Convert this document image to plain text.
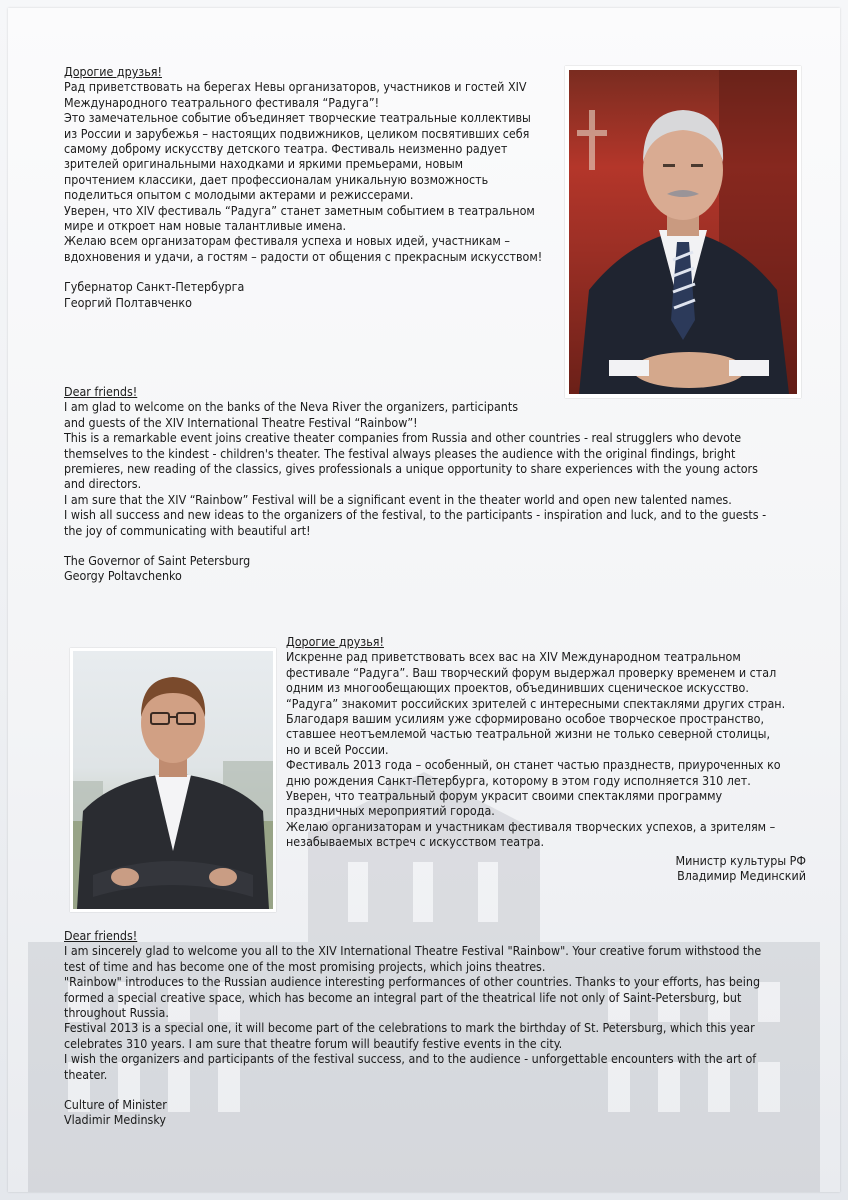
Дорогие друзья!

Рад приветствовать на берегах Невы организаторов, участников и гостей XIV

Международного театрального фестиваля “Радуга”!

Это замечательное событие объединяет творческие театральные коллективы

из России и зарубежья – настоящих подвижников, целиком посвятивших себя

самому доброму искусству детского театра. Фестиваль неизменно радует

зрителей оригинальными находками и яркими премьерами, новым

прочтением классики, дает профессионалам уникальную возможность

поделиться опытом с молодыми актерами и режиссерами.

Уверен, что XIV фестиваль “Радуга” станет заметным событием в театральном

мире и откроет нам новые талантливые имена.

Желаю всем организаторам фестиваля успеха и новых идей, участникам –

вдохновения и удачи, а гостям – радости от общения с прекрасным искусством!

Губернатор Санкт-Петербурга

Георгий Полтавченко

Dear friends!

I am glad to welcome on the banks of the Neva River the organizers, participants

and guests of the XIV International Theatre Festival “Rainbow”!

This is a remarkable event joins creative theater companies from Russia and other countries - real strugglers who devote

themselves to the kindest - children's theater. The festival always pleases the audience with the original findings, bright

premieres, new reading of the classics, gives professionals a unique opportunity to share experiences with the young actors

and directors.

I am sure that the XIV “Rainbow” Festival will be a significant event in the theater world and open new talented names.

I wish all success and new ideas to the organizers of the festival, to the participants - inspiration and luck, and to the guests -

the joy of communicating with beautiful art!

The Governor of Saint Petersburg

Georgy Poltavchenko

Дорогие друзья!

Искренне рад приветствовать всех вас на XIV Международном театральном

фестивале “Радуга”. Ваш творческий форум выдержал проверку временем и стал

одним из многообещающих проектов, объединивших сценическое искусство.

“Радуга” знакомит российских зрителей с интересными спектаклями других стран.

Благодаря вашим усилиям уже сформировано особое творческое пространство,

ставшее неотъемлемой частью театральной жизни не только северной столицы,

но и всей России.

Фестиваль 2013 года – особенный, он станет частью празднеств, приуроченных ко

дню рождения Санкт-Петербурга, которому в этом году исполняется 310 лет.

Уверен, что театральный форум украсит своими спектаклями программу

праздничных мероприятий города.

Желаю организаторам и участникам фестиваля творческих успехов, а зрителям –

незабываемых встреч с искусством театра.

Министр культуры РФ

Владимир Мединский

Dear friends!

I am sincerely glad to welcome you all to the XIV International Theatre Festival "Rainbow". Your creative forum withstood the

test of time and has become one of the most promising projects, which joins theatres.

"Rainbow" introduces to the Russian audience interesting performances of other countries. Thanks to your efforts, has being

formed a special creative space, which has become an integral part of the theatrical life not only of Saint-Petersburg, but

throughout Russia.

Festival 2013 is a special one, it will become part of the celebrations to mark the birthday of St. Petersburg, which this year

celebrates 310 years. I am sure that theatre forum will beautify festive events in the city.

I wish the organizers and participants of the festival success, and to the audience - unforgettable encounters with the art of

theater.

Culture of Minister

Vladimir Medinsky
